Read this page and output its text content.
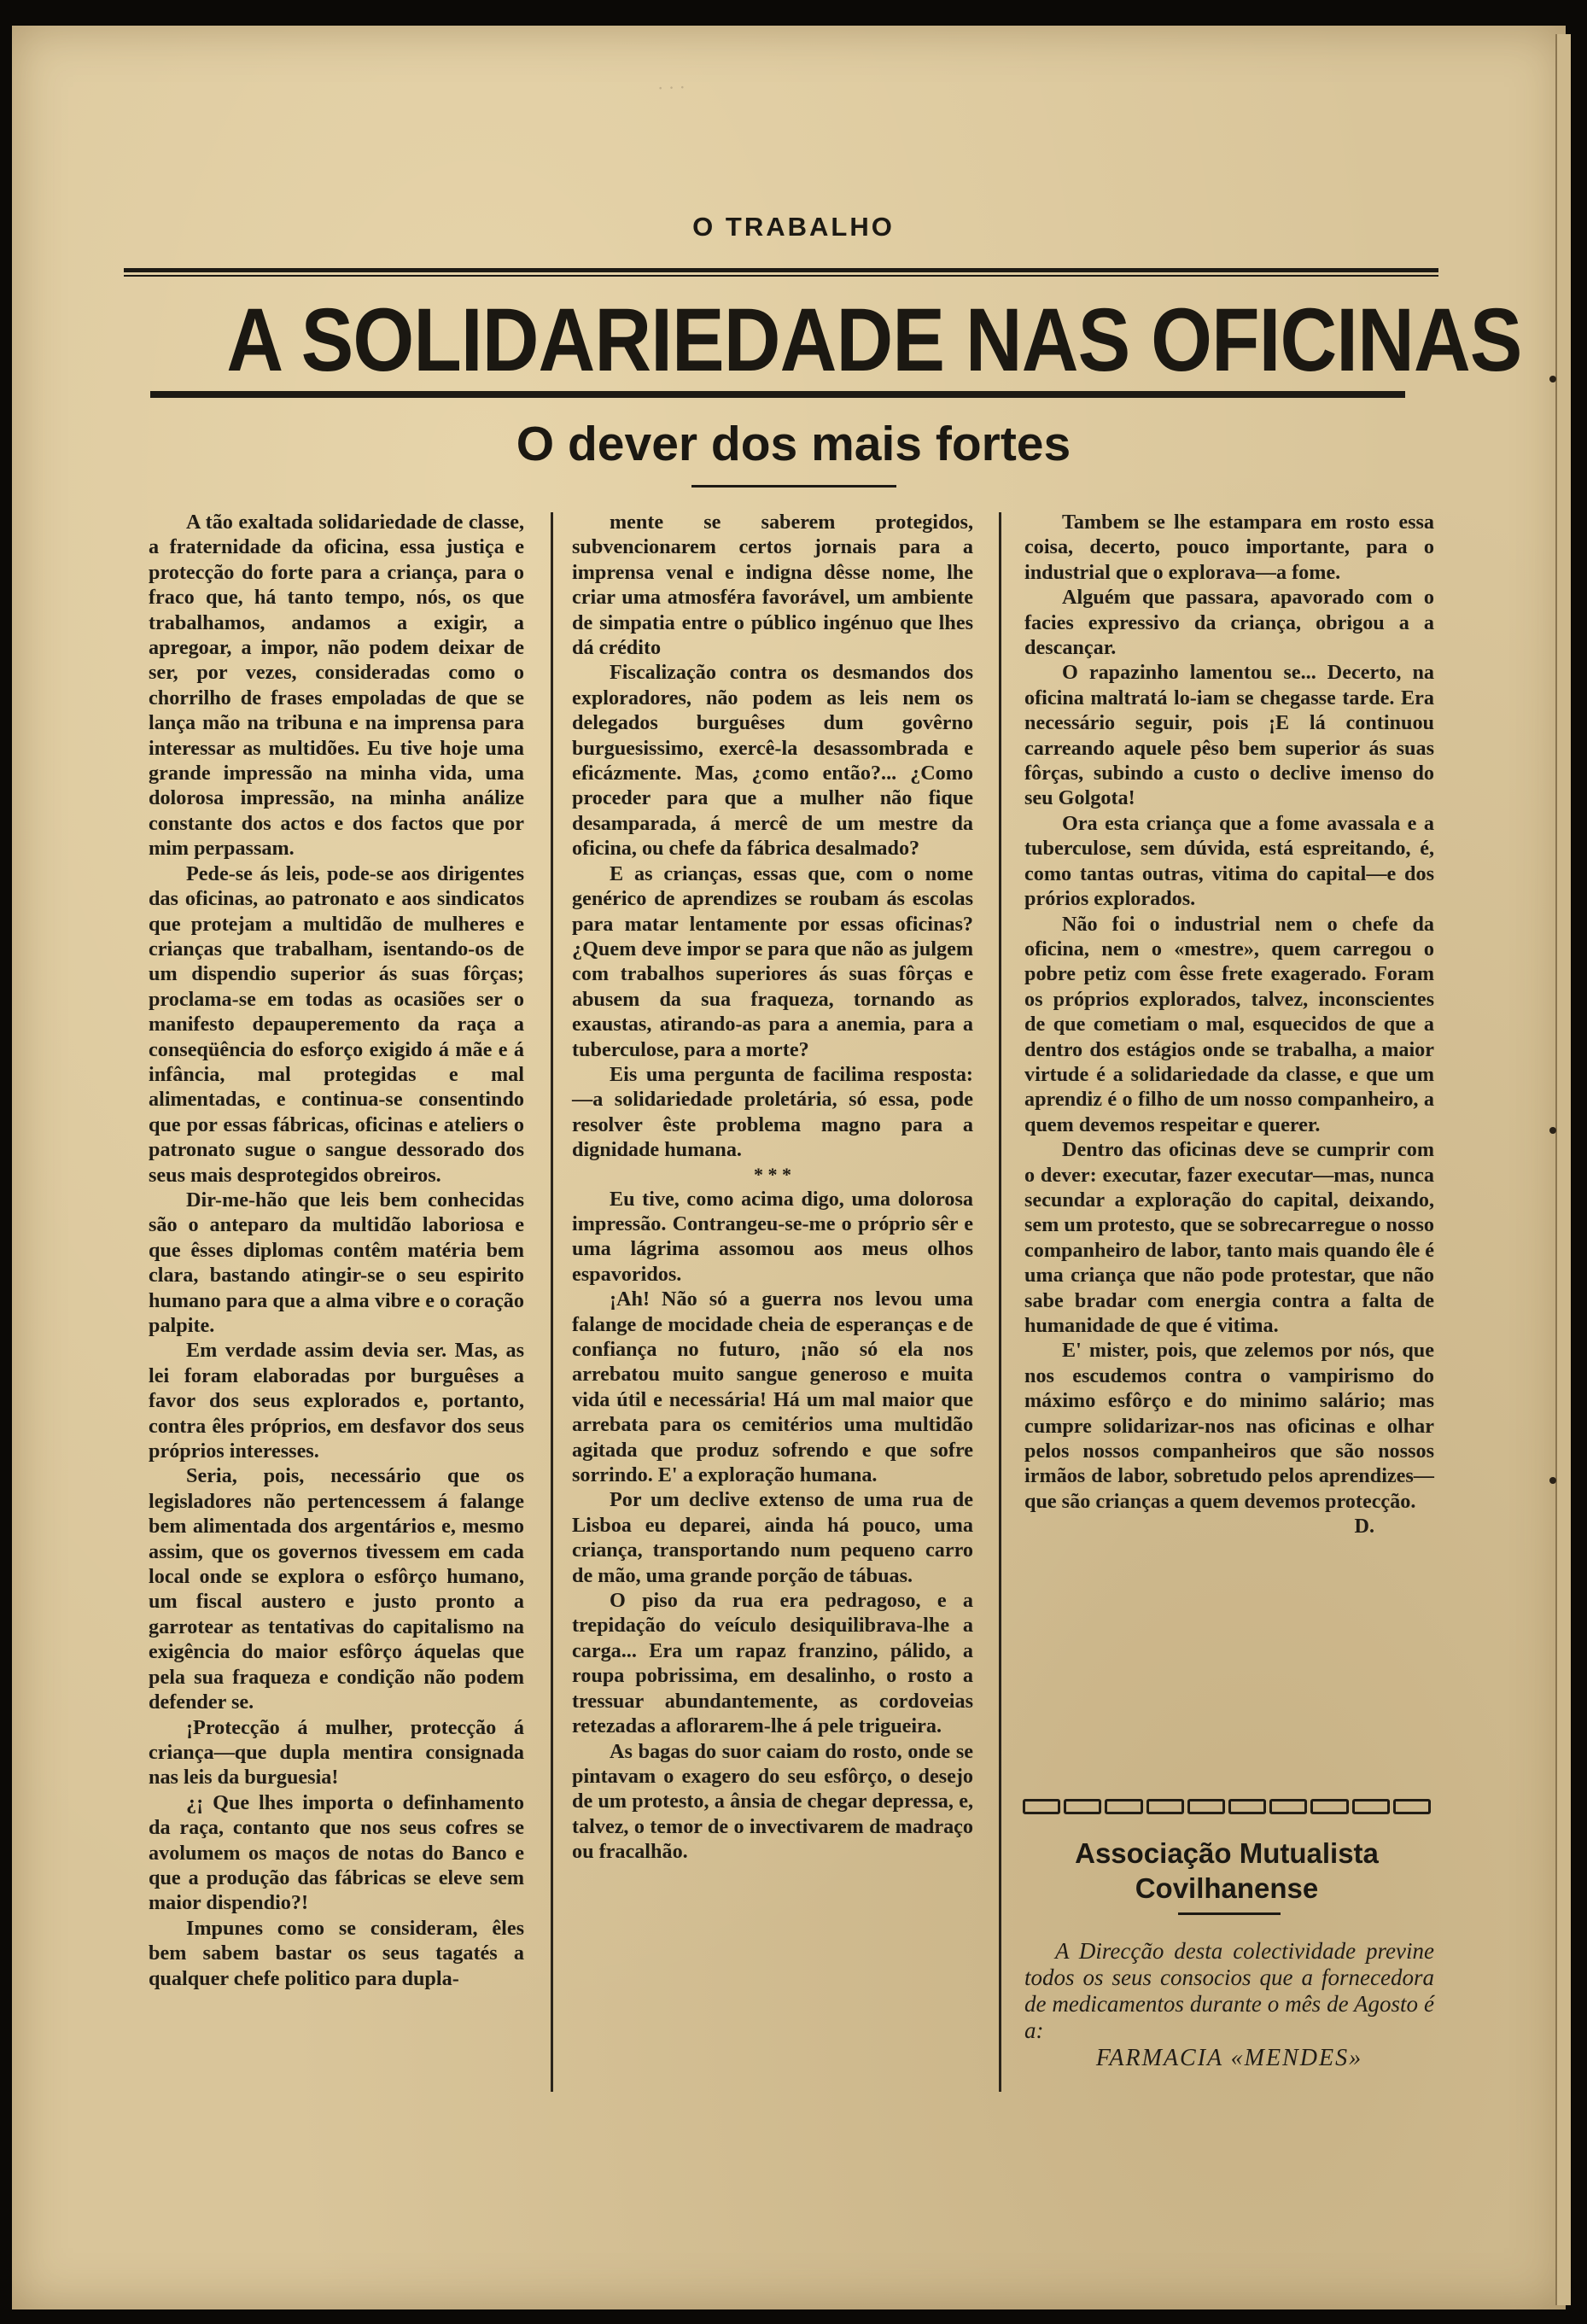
· · ·
O TRABALHO
A SOLIDARIEDADE NAS OFICINAS
O dever dos mais fortes

A tão exaltada solidariedade de classe, a fraternidade da oficina, essa justiça e protecção do forte para a criança, para o fraco que, há tanto tempo, nós, os que trabalhamos, andamos a exigir, a apregoar, a impor, não podem deixar de ser, por vezes, consideradas como o chorrilho de frases empoladas de que se lança mão na tribuna e na imprensa para interessar as multidões. Eu tive hoje uma grande impressão na minha vida, uma dolorosa impressão, na minha análize constante dos actos e dos factos que por mim perpassam.

Pede-se ás leis, pode-se aos dirigentes das oficinas, ao patronato e aos sindicatos que protejam a multidão de mulheres e crianças que trabalham, isentando-os de um dispendio superior ás suas fôrças; proclama-se em todas as ocasiões ser o manifesto depauperemento da raça a conseqüência do esforço exigido á mãe e á infância, mal protegidas e mal alimentadas, e continua-se consentindo que por essas fábricas, oficinas e ateliers o patronato sugue o sangue dessorado dos seus mais desprotegidos obreiros.

Dir-me-hão que leis bem conhecidas são o anteparo da multidão laboriosa e que êsses diplomas contêm matéria bem clara, bastando atingir-se o seu espirito humano para que a alma vibre e o coração palpite.

Em verdade assim devia ser. Mas, as lei foram elaboradas por burguêses a favor dos seus explorados e, portanto, contra êles próprios, em desfavor dos seus próprios interesses.

Seria, pois, necessário que os legisladores não pertencessem á falange bem alimentada dos argentários e, mesmo assim, que os governos tivessem em cada local onde se explora o esfôrço humano, um fiscal austero e justo pronto a garrotear as tentativas do capitalismo na exigência do maior esfôrço áquelas que pela sua fraqueza e condição não podem defender se.

¡Protecção á mulher, protecção á criança—que dupla mentira consignada nas leis da burguesia!

¿¡ Que lhes importa o definhamento da raça, contanto que nos seus cofres se avolumem os maços de notas do Banco e que a produção das fábricas se eleve sem maior dispendio?!

Impunes como se consideram, êles bem sabem bastar os seus tagatés a qualquer chefe politico para dupla-

mente se saberem protegidos, subvencionarem certos jornais para a imprensa venal e indigna dêsse nome, lhe criar uma atmosféra favorável, um ambiente de simpatia entre o público ingénuo que lhes dá crédito

Fiscalização contra os desmandos dos exploradores, não podem as leis nem os delegados burguêses dum govêrno burguesissimo, exercê-la desassombrada e eficázmente. Mas, ¿como então?... ¿Como proceder para que a mulher não fique desamparada, á mercê de um mestre da oficina, ou chefe da fábrica desalmado?

E as crianças, essas que, com o nome genérico de aprendizes se roubam ás escolas para matar lentamente por essas oficinas? ¿Quem deve impor se para que não as julgem com trabalhos superiores ás suas fôrças e abusem da sua fraqueza, tornando as exaustas, atirando-as para a anemia, para a tuberculose, para a morte?

Eis uma pergunta de facilima resposta:—a solidariedade proletária, só essa, pode resolver êste problema magno para a dignidade humana.

* * *

Eu tive, como acima digo, uma dolorosa impressão. Contrangeu-se-me o próprio sêr e uma lágrima assomou aos meus olhos espavoridos.

¡Ah! Não só a guerra nos levou uma falange de mocidade cheia de esperanças e de confiança no futuro, ¡não só ela nos arrebatou muito sangue generoso e muita vida útil e necessária! Há um mal maior que arrebata para os cemitérios uma multidão agitada que produz sofrendo e que sofre sorrindo. E' a exploração humana.

Por um declive extenso de uma rua de Lisboa eu deparei, ainda há pouco, uma criança, transportando num pequeno carro de mão, uma grande porção de tábuas.

O piso da rua era pedragoso, e a trepidação do veículo desiquilibrava-lhe a carga... Era um rapaz franzino, pálido, a roupa pobrissima, em desalinho, o rosto a tressuar abundantemente, as cordoveias retezadas a aflorarem-lhe á pele trigueira.

As bagas do suor caiam do rosto, onde se pintavam o exagero do seu esfôrço, o desejo de um protesto, a ânsia de chegar depressa, e, talvez, o temor de o invectivarem de madraço ou fracalhão.

Tambem se lhe estampara em rosto essa coisa, decerto, pouco importante, para o industrial que o explorava—a fome.

Alguém que passara, apavorado com o facies expressivo da criança, obrigou a a descançar.

O rapazinho lamentou se... Decerto, na oficina maltratá lo-iam se chegasse tarde. Era necessário seguir, pois ¡E lá continuou carreando aquele pêso bem superior ás suas fôrças, subindo a custo o declive imenso do seu Golgota!

Ora esta criança que a fome avassala e a tuberculose, sem dúvida, está espreitando, é, como tantas outras, vitima do capital—e dos prórios explorados.

Não foi o industrial nem o chefe da oficina, nem o «mestre», quem carregou o pobre petiz com êsse frete exagerado. Foram os próprios explorados, talvez, inconscientes de que cometiam o mal, esquecidos de que a dentro dos estágios onde se trabalha, a maior virtude é a solidariedade da classe, e que um aprendiz é o filho de um nosso companheiro, a quem devemos respeitar e querer.

Dentro das oficinas deve se cumprir com o dever: executar, fazer executar—mas, nunca secundar a exploração do capital, deixando, sem um protesto, que se sobrecarregue o nosso companheiro de labor, tanto mais quando êle é uma criança que não pode protestar, que não sabe bradar com energia contra a falta de humanidade de que é vitima.

E' mister, pois, que zelemos por nós, que nos escudemos contra o vampirismo do máximo esfôrço e do minimo salário; mas cumpre solidarizar-nos nas oficinas e olhar pelos nossos companheiros que são nossos irmãos de labor, sobretudo pelos aprendizes—que são crianças a quem devemos protecção.

D.

Associação Mutualista Covilhanense
A Direcção desta colectividade previne todos os seus consocios que a fornecedora de medicamentos durante o mês de Agosto é a:
FARMACIA «MENDES»
